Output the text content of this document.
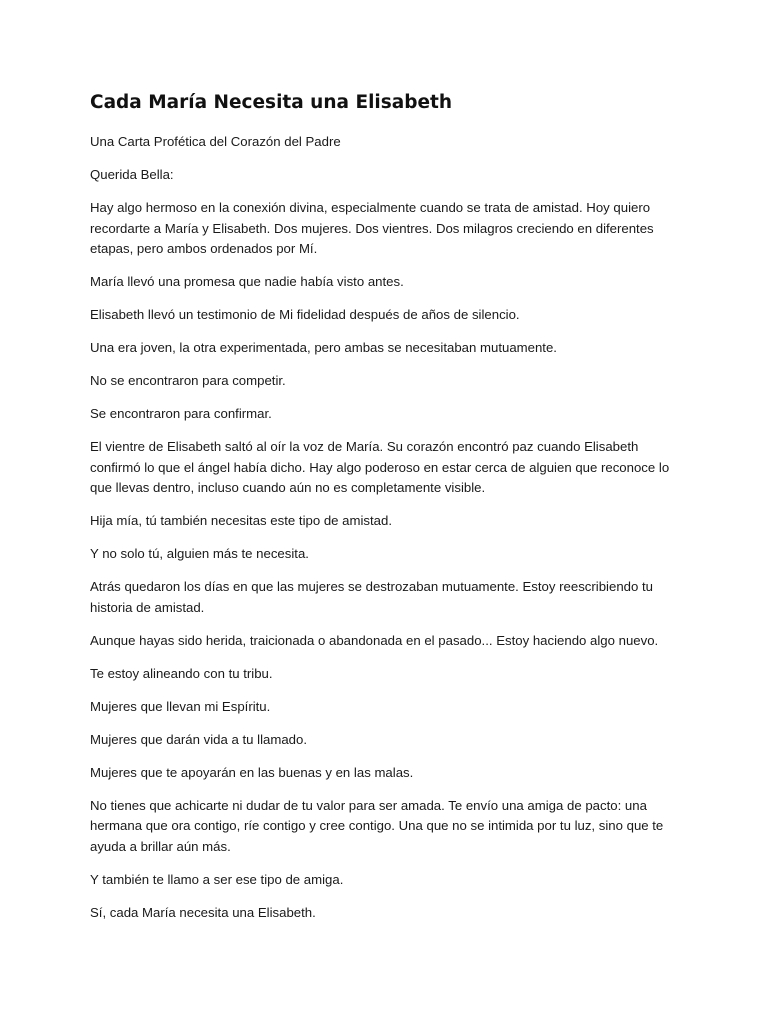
Cada María Necesita una Elisabeth

Una Carta Profética del Corazón del Padre

Querida Bella:

Hay algo hermoso en la conexión divina, especialmente cuando se trata de amistad. Hoy quiero recordarte a María y Elisabeth. Dos mujeres. Dos vientres. Dos milagros creciendo en diferentes etapas, pero ambos ordenados por Mí.

María llevó una promesa que nadie había visto antes.

Elisabeth llevó un testimonio de Mi fidelidad después de años de silencio.

Una era joven, la otra experimentada, pero ambas se necesitaban mutuamente.

No se encontraron para competir.

Se encontraron para confirmar.

El vientre de Elisabeth saltó al oír la voz de María. Su corazón encontró paz cuando Elisabeth confirmó lo que el ángel había dicho. Hay algo poderoso en estar cerca de alguien que reconoce lo que llevas dentro, incluso cuando aún no es completamente visible.

Hija mía, tú también necesitas este tipo de amistad.

Y no solo tú, alguien más te necesita.

Atrás quedaron los días en que las mujeres se destrozaban mutuamente. Estoy reescribiendo tu historia de amistad.

Aunque hayas sido herida, traicionada o abandonada en el pasado... Estoy haciendo algo nuevo.

Te estoy alineando con tu tribu.

Mujeres que llevan mi Espíritu.

Mujeres que darán vida a tu llamado.

Mujeres que te apoyarán en las buenas y en las malas.

No tienes que achicarte ni dudar de tu valor para ser amada. Te envío una amiga de pacto: una hermana que ora contigo, ríe contigo y cree contigo. Una que no se intimida por tu luz, sino que te ayuda a brillar aún más.

Y también te llamo a ser ese tipo de amiga.

Sí, cada María necesita una Elisabeth.
